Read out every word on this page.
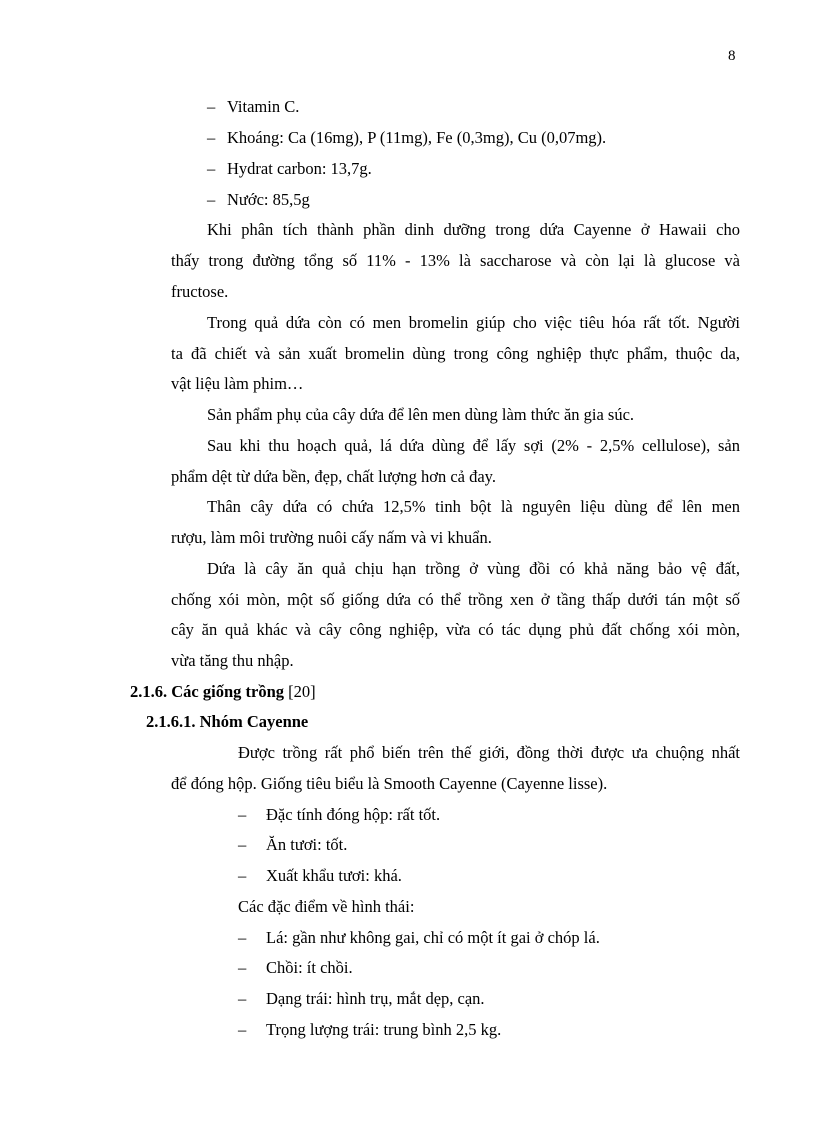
8
– Vitamin C.
– Khoáng: Ca (16mg), P (11mg), Fe (0,3mg), Cu (0,07mg).
– Hydrat carbon: 13,7g.
– Nước: 85,5g
Khi phân tích thành phần dinh dưỡng trong dứa Cayenne ở Hawaii cho
thấy trong đường tổng số 11% - 13% là saccharose và còn lại là glucose và
fructose.
Trong quả dứa còn có men bromelin giúp cho việc tiêu hóa rất tốt. Người
ta đã chiết và sản xuất bromelin dùng trong công nghiệp thực phẩm, thuộc da,
vật liệu làm phim…
Sản phẩm phụ của cây dứa để lên men dùng làm thức ăn gia súc.
Sau khi thu hoạch quả, lá dứa dùng để lấy sợi (2% - 2,5% cellulose), sản
phẩm dệt từ dứa bền, đẹp, chất lượng hơn cả đay.
Thân cây dứa có chứa 12,5% tinh bột là nguyên liệu dùng để lên men
rượu, làm môi trường nuôi cấy nấm và vi khuẩn.
Dứa là cây ăn quả chịu hạn trồng ở vùng đồi có khả năng bảo vệ đất,
chống xói mòn, một số giống dứa có thể trồng xen ở tầng thấp dưới tán một số
cây ăn quả khác và cây công nghiệp, vừa có tác dụng phủ đất chống xói mòn,
vừa tăng thu nhập.
2.1.6. Các giống trồng [20]
2.1.6.1. Nhóm Cayenne
Được trồng rất phổ biến trên thế giới, đồng thời được ưa chuộng nhất
để đóng hộp. Giống tiêu biểu là Smooth Cayenne (Cayenne lisse).
– Đặc tính đóng hộp: rất tốt.
– Ăn tươi: tốt.
– Xuất khẩu tươi: khá.
Các đặc điểm về hình thái:
– Lá: gần như không gai, chỉ có một ít gai ở chóp lá.
– Chồi: ít chồi.
– Dạng trái: hình trụ, mắt dẹp, cạn.
– Trọng lượng trái: trung bình 2,5 kg.
